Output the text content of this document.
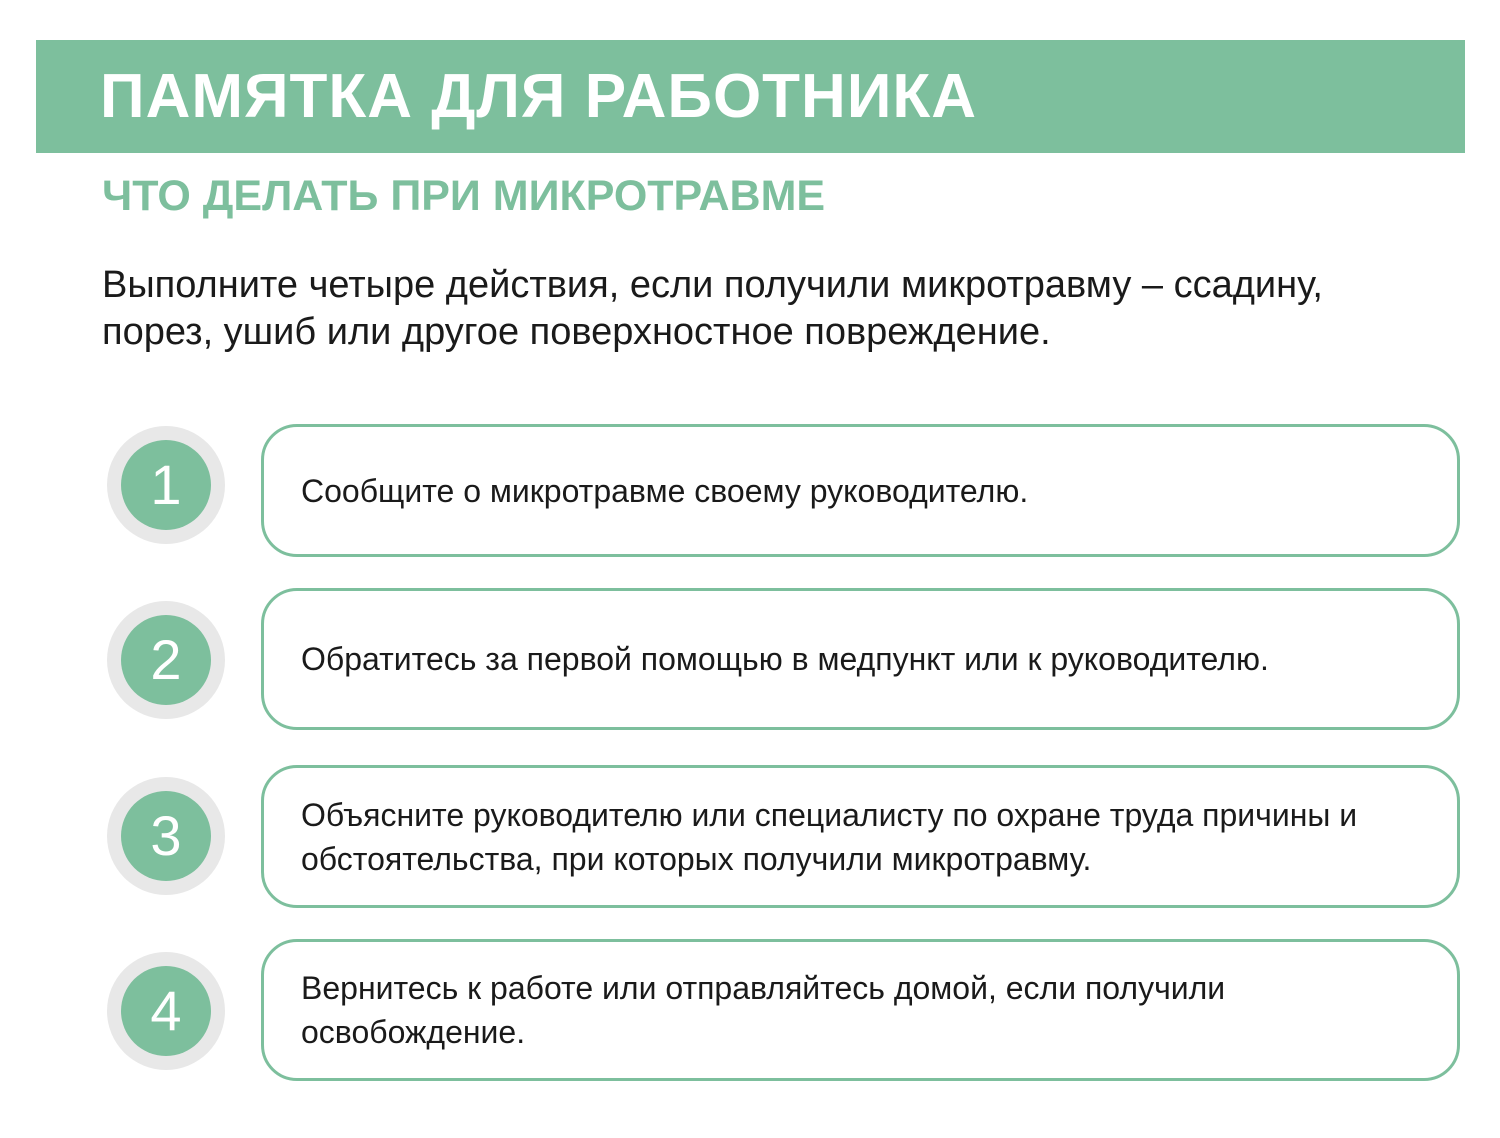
ПАМЯТКА ДЛЯ РАБОТНИКА
ЧТО ДЕЛАТЬ ПРИ МИКРОТРАВМЕ
Выполните четыре действия, если получили микротравму – ссадину, порез, ушиб или другое поверхностное повреждение.
1	Сообщите о микротравме своему руководителю.
2	Обратитесь за первой помощью в медпункт или к руководителю.
3	Объясните руководителю или специалисту по охране труда причины и обстоятельства, при которых получили микротравму.
4	Вернитесь к работе или отправляйтесь домой, если получили освобождение.
